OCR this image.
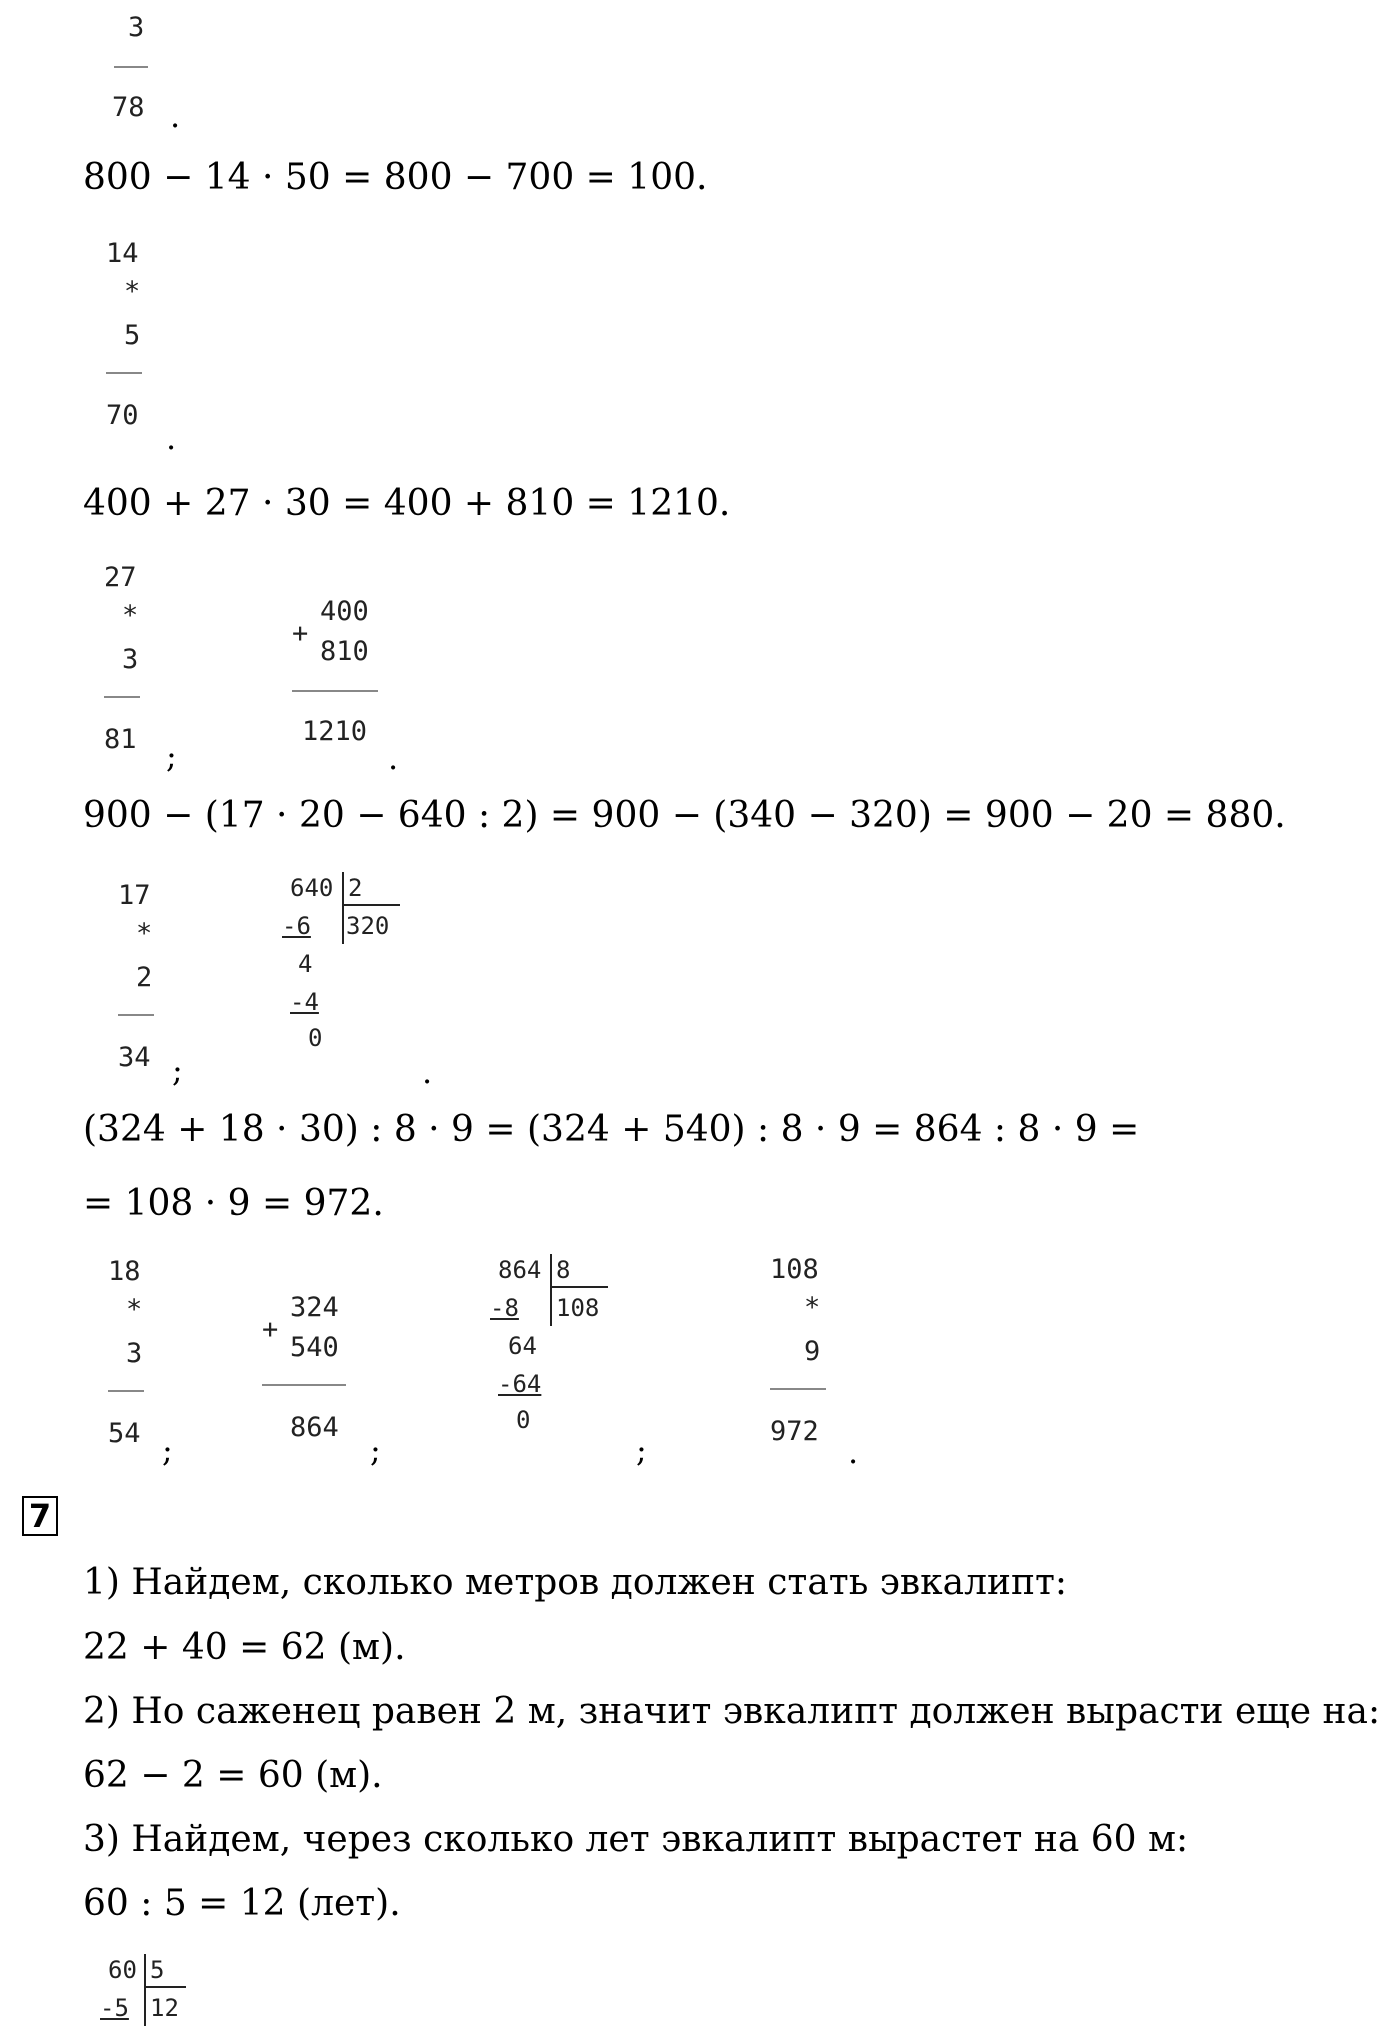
3
78 .
800 − 14 · 50 = 800 − 700 = 100.
14
*
5
70
.
400 + 27 · 30 = 400 + 810 = 1210.
27
*
3
81 ;
+
400
810
1210
.
900 − (17 · 20 − 640 : 2) = 900 − (340 − 320) = 900 − 20 = 880.
17
*
2
34 ;
640 2
320
-6
4
-4
0
.
(324 + 18 · 30) : 8 · 9 = (324 + 540) : 8 · 9 = 864 : 8 · 9 =
= 108 · 9 = 972.
18
*
3
54 ;
+
324
540
864
;
864 8
108
-8
64
-64
0
;
108
*
9
972
.
7
1) Найдем, сколько метров должен стать эвкалипт:
22 + 40 = 62 (м).
2) Но саженец равен 2 м, значит эвкалипт должен вырасти еще на:
62 − 2 = 60 (м).
3) Найдем, через сколько лет эвкалипт вырастет на 60 м:
60 : 5 = 12 (лет).
60 5
12
-5
